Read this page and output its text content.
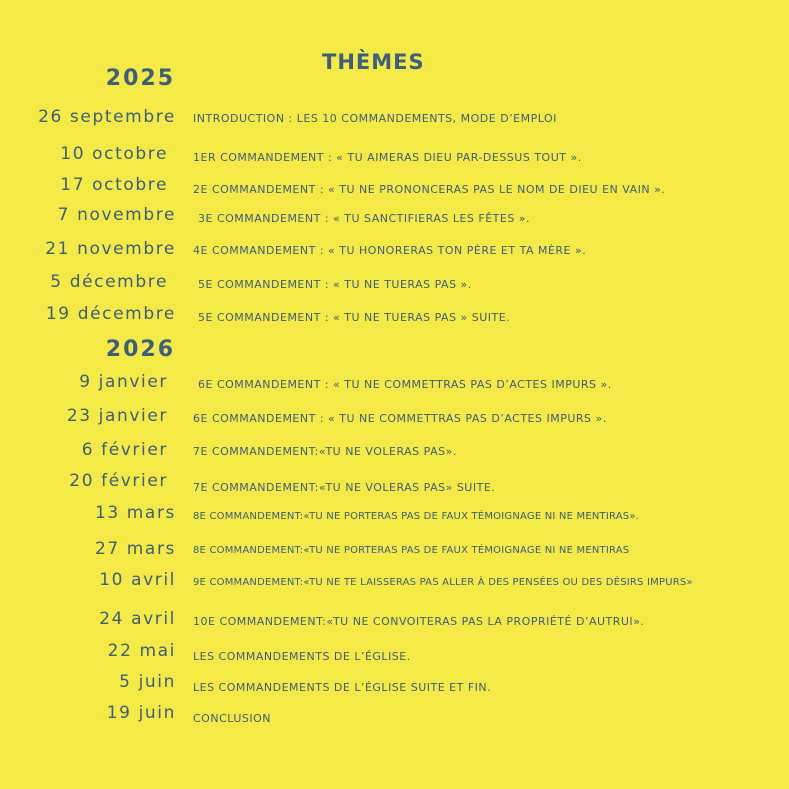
THÈMES
2025
2026
26 septembre INTRODUCTION : LES 10 COMMANDEMENTS, MODE D’EMPLOI
10 octobre 1ER COMMANDEMENT : « TU AIMERAS DIEU PAR-DESSUS TOUT ».
17 octobre 2E COMMANDEMENT : « TU NE PRONONCERAS PAS LE NOM DE DIEU EN VAIN ».
7 novembre 3E COMMANDEMENT : « TU SANCTIFIERAS LES FÊTES ».
21 novembre 4E COMMANDEMENT : « TU HONORERAS TON PÈRE ET TA MÈRE ».
5 décembre	5E COMMANDEMENT : « TU NE TUERAS PAS ».
19 décembre 5E COMMANDEMENT : « TU NE TUERAS PAS » SUITE.
9 janvier	6E COMMANDEMENT : « TU NE COMMETTRAS PAS D’ACTES IMPURS ».
23 janvier 6E COMMANDEMENT : « TU NE COMMETTRAS PAS D’ACTES IMPURS ».
6 février 7E COMMANDEMENT:«TU NE VOLERAS PAS».
20 février 7E COMMANDEMENT:«TU NE VOLERAS PAS» SUITE.
13 mars 8E COMMANDEMENT:«TU NE PORTERAS PAS DE FAUX TÉMOIGNAGE NI NE MENTIRAS».
27 mars 8E COMMANDEMENT:«TU NE PORTERAS PAS DE FAUX TÉMOIGNAGE NI NE MENTIRAS
10 avril 9E COMMANDEMENT:«TU NE TE LAISSERAS PAS ALLER À DES PENSÉES OU DES DÉSIRS IMPURS»
24 avril 10E COMMANDEMENT:«TU NE CONVOITERAS PAS LA PROPRIÉTÉ D’AUTRUI».
22 mai LES COMMANDEMENTS DE L’ÉGLISE.
5 juin LES COMMANDEMENTS DE L’ÉGLISE SUITE ET FIN.
19 juin CONCLUSION
